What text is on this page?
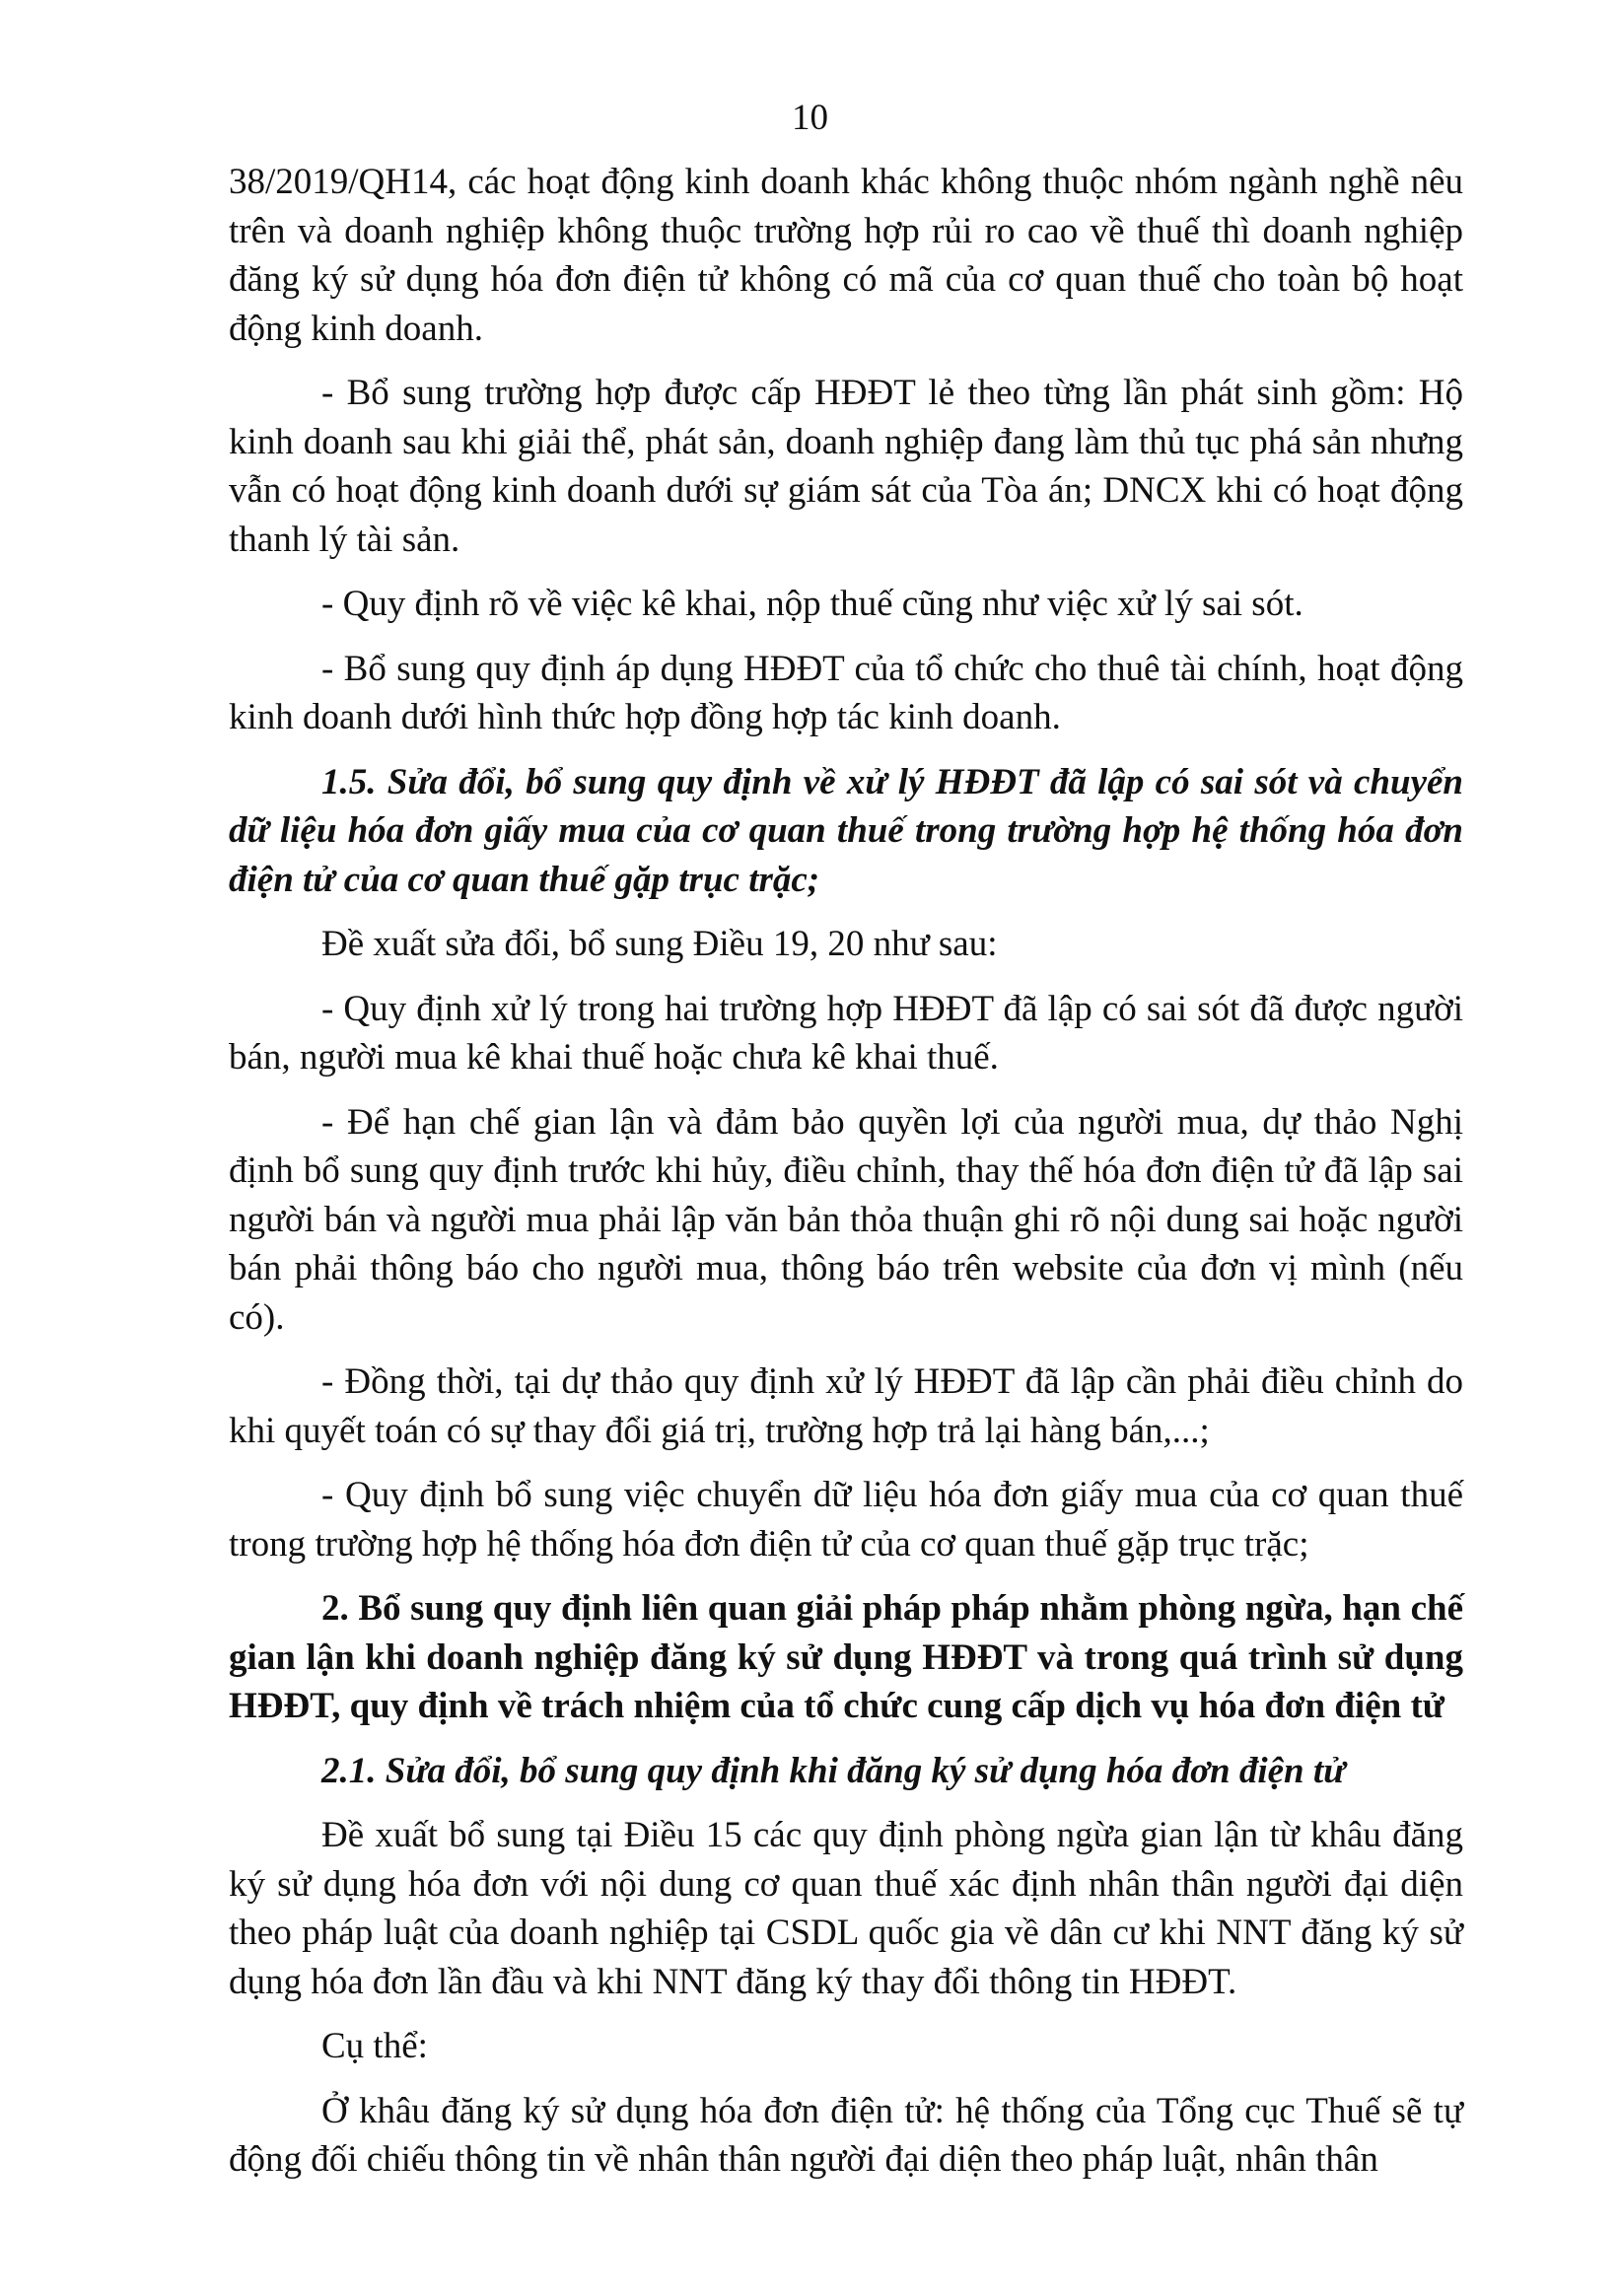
10

38/2019/QH14, các hoạt động kinh doanh khác không thuộc nhóm ngành nghề nêu trên và doanh nghiệp không thuộc trường hợp rủi ro cao về thuế thì doanh nghiệp đăng ký sử dụng hóa đơn điện tử không có mã của cơ quan thuế cho toàn bộ hoạt động kinh doanh.

- Bổ sung trường hợp được cấp HĐĐT lẻ theo từng lần phát sinh gồm: Hộ kinh doanh sau khi giải thể, phát sản, doanh nghiệp đang làm thủ tục phá sản nhưng vẫn có hoạt động kinh doanh dưới sự giám sát của Tòa án; DNCX khi có hoạt động thanh lý tài sản.

- Quy định rõ về việc kê khai, nộp thuế cũng như việc xử lý sai sót.

- Bổ sung quy định áp dụng HĐĐT của tổ chức cho thuê tài chính, hoạt động kinh doanh dưới hình thức hợp đồng hợp tác kinh doanh.

1.5. Sửa đổi, bổ sung quy định về xử lý HĐĐT đã lập có sai sót và chuyển dữ liệu hóa đơn giấy mua của cơ quan thuế trong trường hợp hệ thống hóa đơn điện tử của cơ quan thuế gặp trục trặc;

Đề xuất sửa đổi, bổ sung Điều 19, 20 như sau:

- Quy định xử lý trong hai trường hợp HĐĐT đã lập có sai sót đã được người bán, người mua kê khai thuế hoặc chưa kê khai thuế.

- Để hạn chế gian lận và đảm bảo quyền lợi của người mua, dự thảo Nghị định bổ sung quy định trước khi hủy, điều chỉnh, thay thế hóa đơn điện tử đã lập sai người bán và người mua phải lập văn bản thỏa thuận ghi rõ nội dung sai hoặc người bán phải thông báo cho người mua, thông báo trên website của đơn vị mình (nếu có).

- Đồng thời, tại dự thảo quy định xử lý HĐĐT đã lập cần phải điều chỉnh do khi quyết toán có sự thay đổi giá trị, trường hợp trả lại hàng bán,...;

- Quy định bổ sung việc chuyển dữ liệu hóa đơn giấy mua của cơ quan thuế trong trường hợp hệ thống hóa đơn điện tử của cơ quan thuế gặp trục trặc;

2. Bổ sung quy định liên quan giải pháp pháp nhằm phòng ngừa, hạn chế gian lận khi doanh nghiệp đăng ký sử dụng HĐĐT và trong quá trình sử dụng HĐĐT, quy định về trách nhiệm của tổ chức cung cấp dịch vụ hóa đơn điện tử

2.1. Sửa đổi, bổ sung quy định khi đăng ký sử dụng hóa đơn điện tử

Đề xuất bổ sung tại Điều 15 các quy định phòng ngừa gian lận từ khâu đăng ký sử dụng hóa đơn với nội dung cơ quan thuế xác định nhân thân người đại diện theo pháp luật của doanh nghiệp tại CSDL quốc gia về dân cư khi NNT đăng ký sử dụng hóa đơn lần đầu và khi NNT đăng ký thay đổi thông tin HĐĐT.

Cụ thể:

Ở khâu đăng ký sử dụng hóa đơn điện tử: hệ thống của Tổng cục Thuế sẽ tự động đối chiếu thông tin về nhân thân người đại diện theo pháp luật, nhân thân
